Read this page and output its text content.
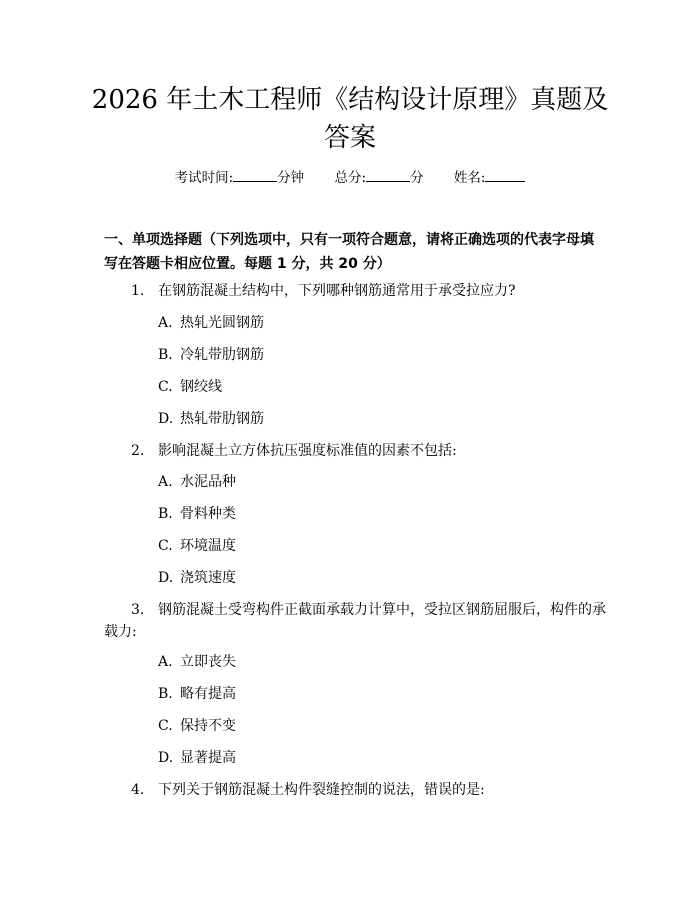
2026 年土木工程师《结构设计原理》真题及
答案
考试时间:	分钟 总分:	分 姓名:
一、单项选择题（下列选项中，只有一项符合题意，请将正确选项的代表字母填写在答题卡相应位置。每题 1 分，共 20 分）
1. 在钢筋混凝土结构中，下列哪种钢筋通常用于承受拉应力?
A. 热轧光圆钢筋
B. 冷轧带肋钢筋
C. 钢绞线
D. 热轧带肋钢筋
2. 影响混凝土立方体抗压强度标准值的因素不包括:
A. 水泥品种
B. 骨料种类
C. 环境温度
D. 浇筑速度
3. 钢筋混凝土受弯构件正截面承载力计算中，受拉区钢筋屈服后，构件的承
载力:
A. 立即丧失
B. 略有提高
C. 保持不变
D. 显著提高
4. 下列关于钢筋混凝土构件裂缝控制的说法，错误的是:
